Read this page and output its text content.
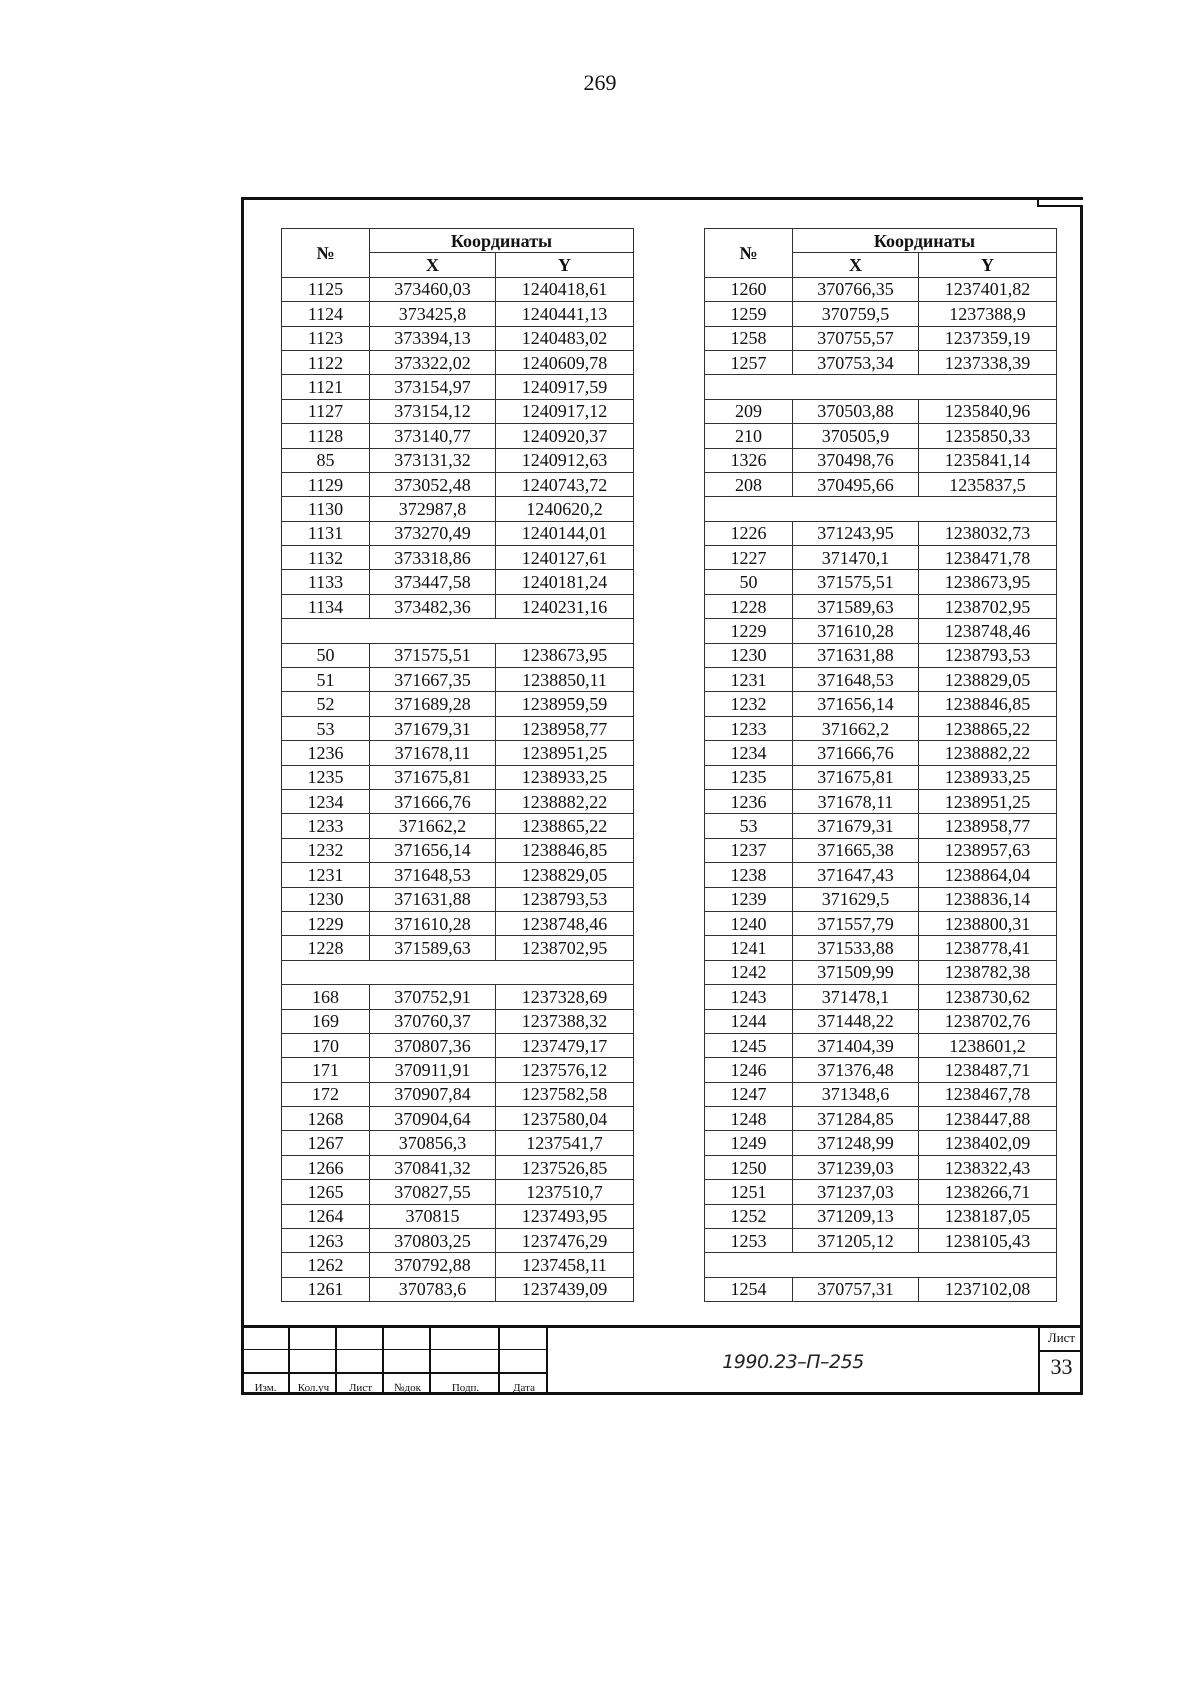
269
№	Координаты	
	X	Y
1125	373460,03	1240418,61
1124	373425,8	1240441,13
1123	373394,13	1240483,02
1122	373322,02	1240609,78
1121	373154,97	1240917,59
1127	373154,12	1240917,12
1128	373140,77	1240920,37
85	373131,32	1240912,63
1129	373052,48	1240743,72
1130	372987,8	1240620,2
1131	373270,49	1240144,01
1132	373318,86	1240127,61
1133	373447,58	1240181,24
1134	373482,36	1240231,16

50	371575,51	1238673,95
51	371667,35	1238850,11
52	371689,28	1238959,59
53	371679,31	1238958,77
1236	371678,11	1238951,25
1235	371675,81	1238933,25
1234	371666,76	1238882,22
1233	371662,2	1238865,22
1232	371656,14	1238846,85
1231	371648,53	1238829,05
1230	371631,88	1238793,53
1229	371610,28	1238748,46
1228	371589,63	1238702,95

168	370752,91	1237328,69
169	370760,37	1237388,32
170	370807,36	1237479,17
171	370911,91	1237576,12
172	370907,84	1237582,58
1268	370904,64	1237580,04
1267	370856,3	1237541,7
1266	370841,32	1237526,85
1265	370827,55	1237510,7
1264	370815	1237493,95
1263	370803,25	1237476,29
1262	370792,88	1237458,11
1261	370783,6	1237439,09
№	Координаты	
	X	Y
1260	370766,35	1237401,82
1259	370759,5	1237388,9
1258	370755,57	1237359,19
1257	370753,34	1237338,39

209	370503,88	1235840,96
210	370505,9	1235850,33
1326	370498,76	1235841,14
208	370495,66	1235837,5

1226	371243,95	1238032,73
1227	371470,1	1238471,78
50	371575,51	1238673,95
1228	371589,63	1238702,95
1229	371610,28	1238748,46
1230	371631,88	1238793,53
1231	371648,53	1238829,05
1232	371656,14	1238846,85
1233	371662,2	1238865,22
1234	371666,76	1238882,22
1235	371675,81	1238933,25
1236	371678,11	1238951,25
53	371679,31	1238958,77
1237	371665,38	1238957,63
1238	371647,43	1238864,04
1239	371629,5	1238836,14
1240	371557,79	1238800,31
1241	371533,88	1238778,41
1242	371509,99	1238782,38
1243	371478,1	1238730,62
1244	371448,22	1238702,76
1245	371404,39	1238601,2
1246	371376,48	1238487,71
1247	371348,6	1238467,78
1248	371284,85	1238447,88
1249	371248,99	1238402,09
1250	371239,03	1238322,43
1251	371237,03	1238266,71
1252	371209,13	1238187,05
1253	371205,12	1238105,43

1254	370757,31	1237102,08
Изм.	Кол.уч	Лист	№док	Подп.	Дата
1990.23–П–255
Лист
33
